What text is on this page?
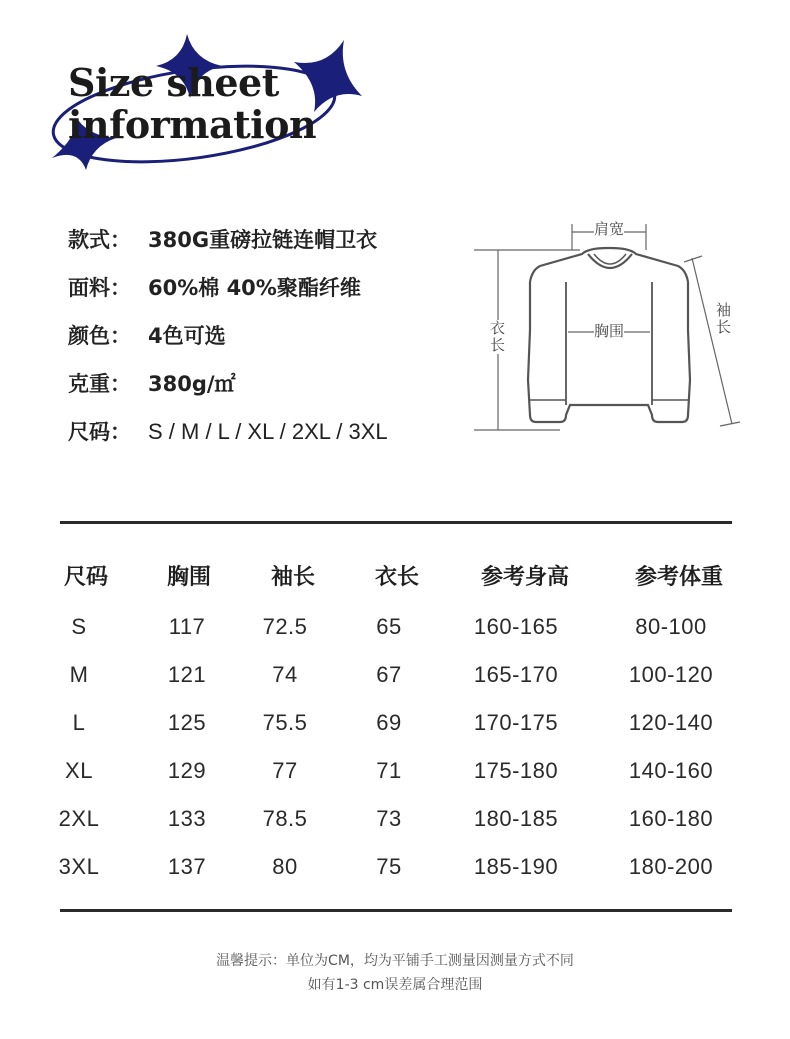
Size sheet
information
款式： 380G重磅拉链连帽卫衣
面料： 60%棉 40%聚酯纤维
颜色： 4色可选
克重： 380g/㎡
尺码： S / M / L / XL / 2XL / 3XL
肩宽
胸围
衣长
袖长
尺码	胸围	袖长	衣长	参考身高	参考体重
S	117	72.5	65	160-165	80-100
M	121	74	67	165-170	100-120
L	125	75.5	69	170-175	120-140
XL	129	77	71	175-180	140-160
2XL	133	78.5	73	180-185	160-180
3XL	137	80	75	185-190	180-200
温馨提示：单位为CM，均为平铺手工测量因测量方式不同
如有1-3 cm误差属合理范围
